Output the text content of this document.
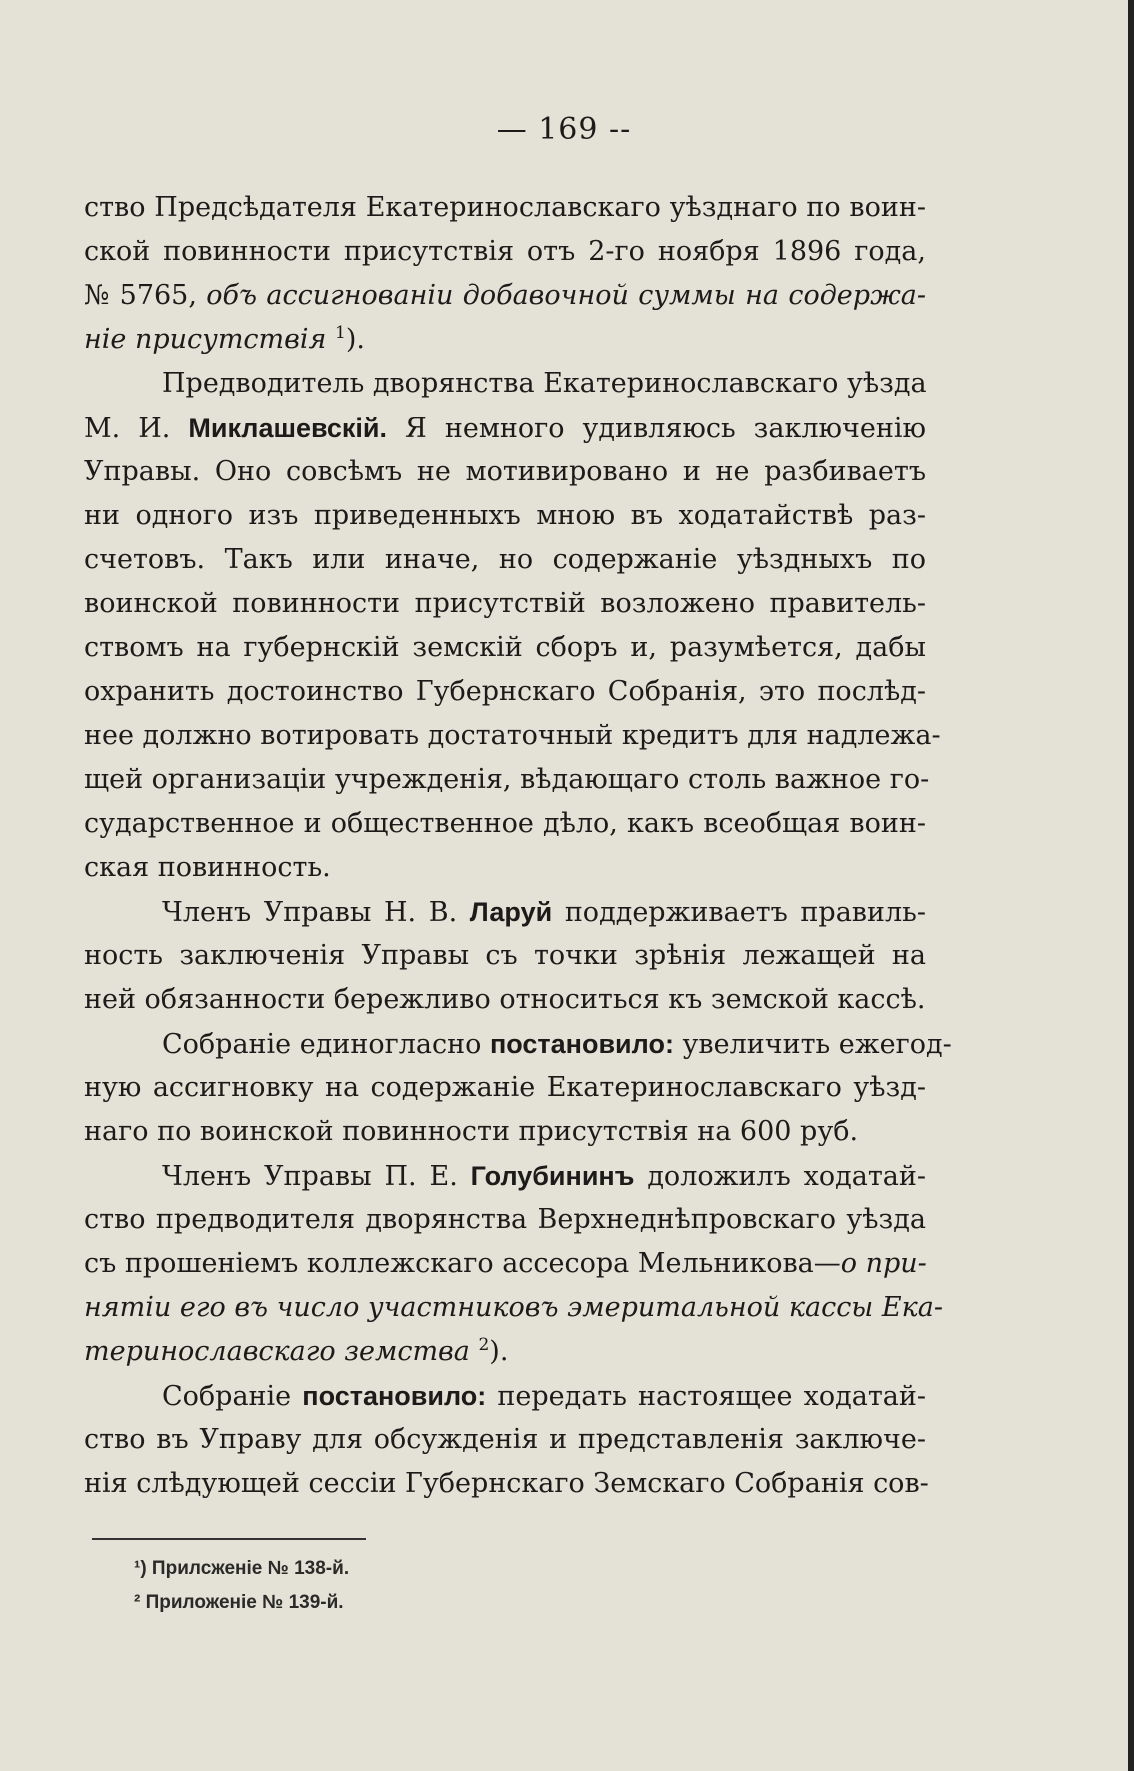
— 169 --

ство Предсѣдателя Екатеринославскаго уѣзднаго по воин-
ской повинности присутствія отъ 2-го ноября 1896 года,
№ 5765, объ ассигнованіи добавочной суммы на содержа-
ніе присутствія $^1$).

Предводитель дворянства Екатеринославскаго уѣзда
М. И. Миклашевскій. Я немного удивляюсь заключенію
Управы. Оно совсѣмъ не мотивировано и не разбиваетъ
ни одного изъ приведенныхъ мною въ ходатайствѣ раз-
счетовъ. Такъ или иначе, но содержаніе уѣздныхъ по
воинской повинности присутствій возложено правитель-
ствомъ на губернскій земскій сборъ и, разумѣется, дабы
охранить достоинство Губернскаго Собранія, это послѣд-
нее должно вотировать достаточный кредитъ для надлежа-
щей организаціи учрежденія, вѣдающаго столь важное го-
сударственное и общественное дѣло, какъ всеобщая воин-
ская повинность.

Членъ Управы Н. В. Ларуй поддерживаетъ правиль-
ность заключенія Управы съ точки зрѣнія лежащей на
ней обязанности бережливо относиться къ земской кассѣ.

Собраніе единогласно постановило: увеличить ежегод-
ную ассигновку на содержаніе Екатеринославскаго уѣзд-
наго по воинской повинности присутствія на 600 руб.

Членъ Управы П. Е. Голубининъ доложилъ ходатай-
ство предводителя дворянства Верхнеднѣпровскаго уѣзда
съ прошеніемъ коллежскаго ассесора Мельникова—о при-
нятіи его въ число участниковъ эмеритальной кассы Ека-
теринославскаго земства $^2$).

Собраніе постановило: передать настоящее ходатай-
ство въ Управу для обсужденія и представленія заключе-
нія слѣдующей сессіи Губернскаго Земскаго Собранія сов-

¹) Прилсженіе № 138-й.
² Приложеніе № 139-й.
